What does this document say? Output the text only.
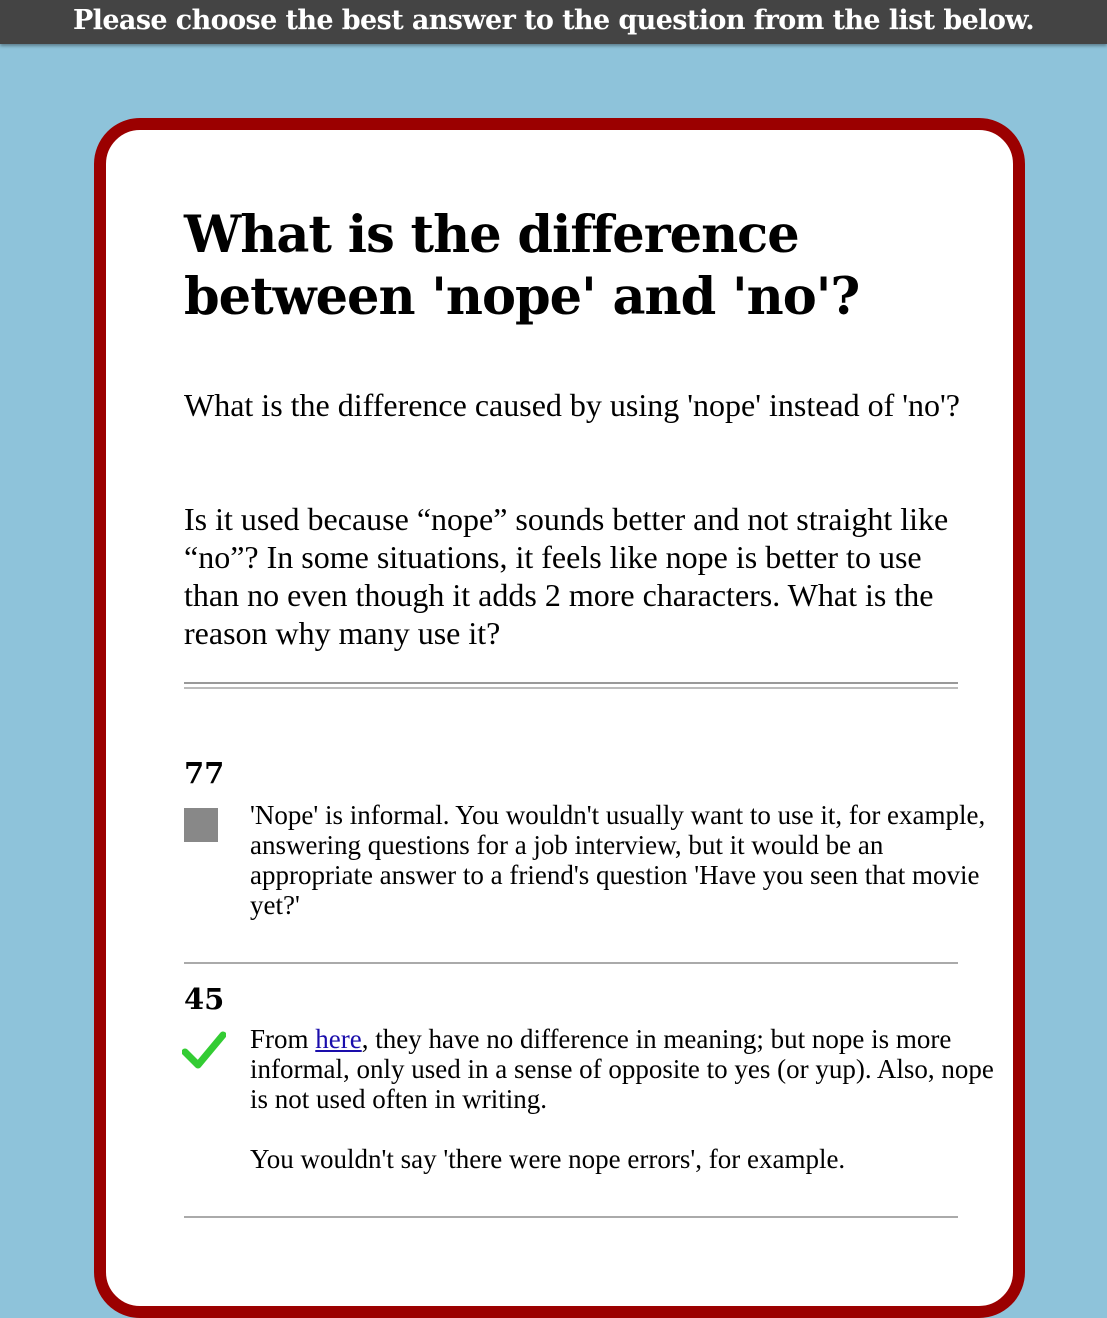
Please choose the best answer to the question from the list below.
What is the difference between 'nope' and 'no'?

What is the difference caused by using 'nope' instead of 'no'?

Is it used because “nope” sounds better and not straight like “no”? In some situations, it feels like nope is better to use than no even though it adds 2 more characters. What is the reason why many use it?

77

'Nope' is informal. You wouldn't usually want to use it, for example, answering questions for a job interview, but it would be an appropriate answer to a friend's question 'Have you seen that movie yet?'

45

From here, they have no difference in meaning; but nope is more informal, only used in a sense of opposite to yes (or yup). Also, nope is not used often in writing.

You wouldn't say 'there were nope errors', for example.
